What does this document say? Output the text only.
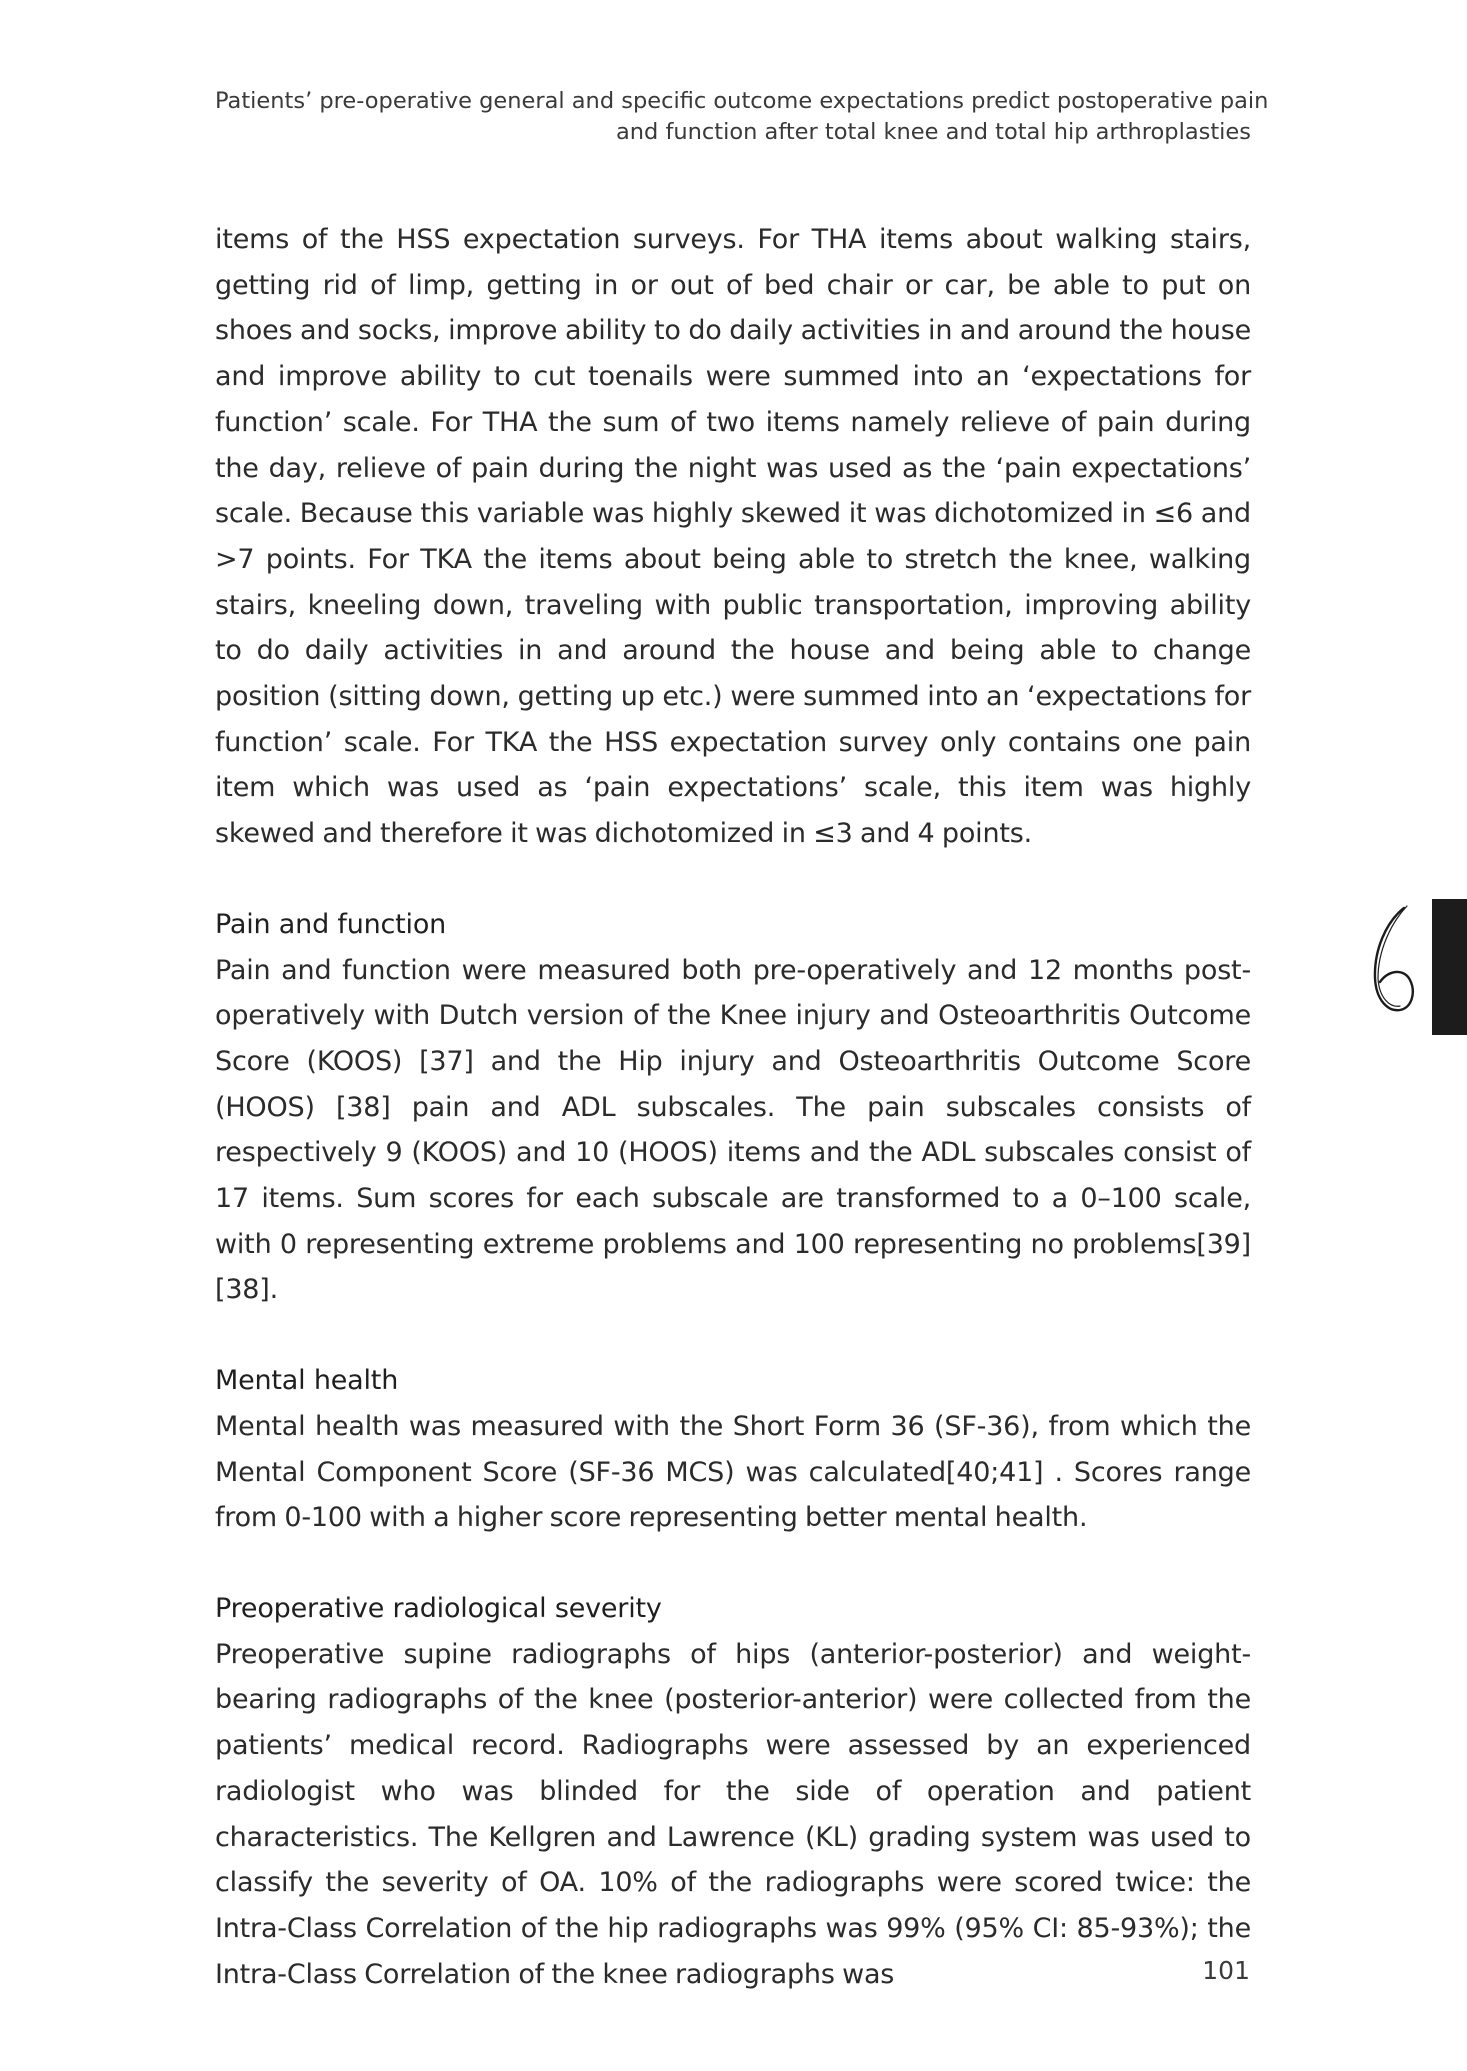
Patients’ pre-operative general and specific outcome expectations predict postoperative pain
and function after total knee and total hip arthroplasties
6

items of the HSS expectation surveys. For THA items about walking stairs, getting rid of limp, getting in or out of bed chair or car, be able to put on shoes and socks, improve ability to do daily activities in and around the house and improve ability to cut toenails were summed into an ‘expectations for function’ scale. For THA the sum of two items namely relieve of pain during the day, relieve of pain during the night was used as the ‘pain expectations’ scale. Because this variable was highly skewed it was dichotomized in ≤6 and >7 points. For TKA the items about being able to stretch the knee, walking stairs, kneeling down, traveling with public transportation, improving ability to do daily activities in and around the house and being able to change position (sitting down, getting up etc.) were summed into an ‘expectations for function’ scale. For TKA the HSS expectation survey only contains one pain item which was used as ‘pain expectations’ scale, this item was highly skewed and therefore it was dichotomized in ≤3 and 4 points.

Pain and function

Pain and function were measured both pre-operatively and 12 months post-operatively with Dutch version of the Knee injury and Osteoarthritis Outcome Score (KOOS) [37] and the Hip injury and Osteoarthritis Outcome Score (HOOS) [38] pain and ADL subscales. The pain subscales consists of respectively 9 (KOOS) and 10 (HOOS) items and the ADL subscales consist of 17 items. Sum scores for each subscale are transformed to a 0–100 scale, with 0 representing extreme problems and 100 representing no problems[39] [38].

Mental health

Mental health was measured with the Short Form 36 (SF-36), from which the Mental Component Score (SF-36 MCS) was calculated[40;41] . Scores range from 0-100 with a higher score representing better mental health.

Preoperative radiological severity

Preoperative supine radiographs of hips (anterior-posterior) and weight-bearing radiographs of the knee (posterior-anterior) were collected from the patients’ medical record. Radiographs were assessed by an experienced radiologist who was blinded for the side of operation and patient characteristics. The Kellgren and Lawrence (KL) grading system was used to classify the severity of OA. 10% of the radiographs were scored twice: the Intra-Class Correlation of the hip radiographs was 99% (95% CI: 85-93%); the Intra-Class Correlation of the knee radiographs was	101
